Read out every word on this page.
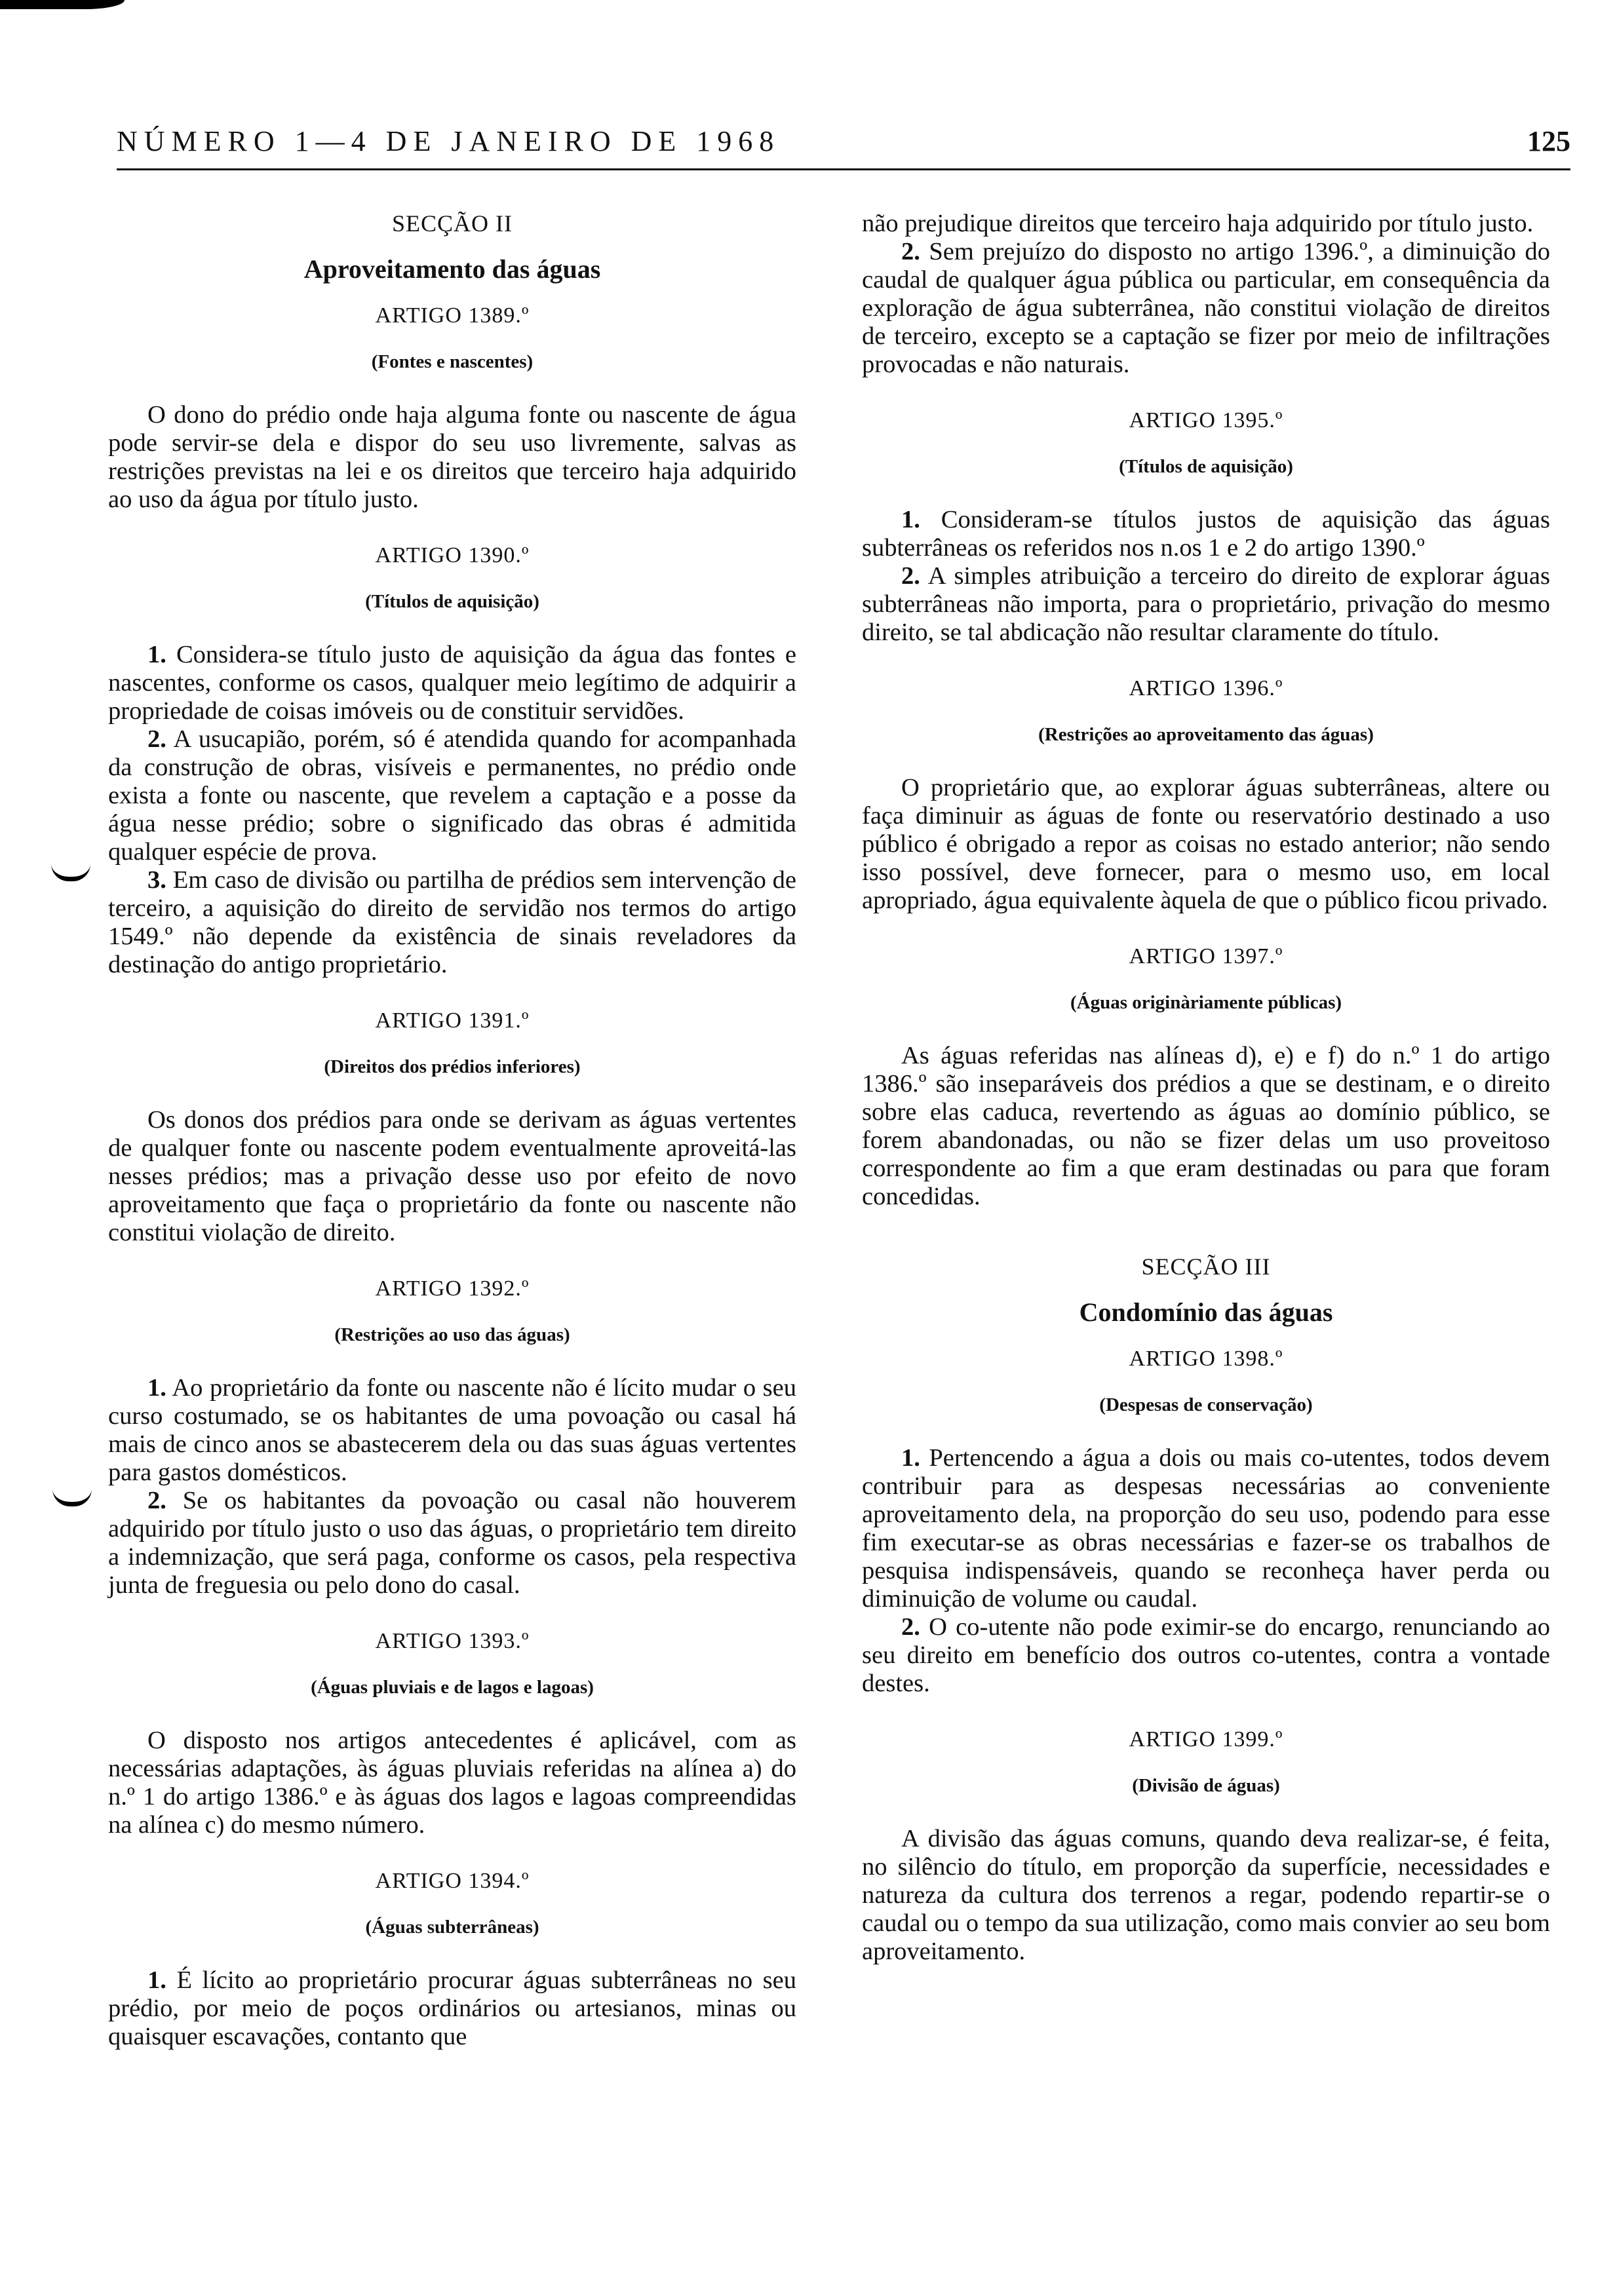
NÚMERO 1—4 DE JANEIRO DE 1968	125
SECÇÃO II
Aproveitamento das águas
ARTIGO 1389.º
(Fontes e nascentes)

O dono do prédio onde haja alguma fonte ou nascente de água pode servir-se dela e dispor do seu uso livremente, salvas as restrições previstas na lei e os direitos que terceiro haja adquirido ao uso da água por título justo.

ARTIGO 1390.º
(Títulos de aquisição)

1. Considera-se título justo de aquisição da água das fontes e nascentes, conforme os casos, qualquer meio legítimo de adquirir a propriedade de coisas imóveis ou de constituir servidões.

2. A usucapião, porém, só é atendida quando for acompanhada da construção de obras, visíveis e permanentes, no prédio onde exista a fonte ou nascente, que revelem a captação e a posse da água nesse prédio; sobre o significado das obras é admitida qualquer espécie de prova.

3. Em caso de divisão ou partilha de prédios sem intervenção de terceiro, a aquisição do direito de servidão nos termos do artigo 1549.º não depende da existência de sinais reveladores da destinação do antigo proprietário.

ARTIGO 1391.º
(Direitos dos prédios inferiores)

Os donos dos prédios para onde se derivam as águas vertentes de qualquer fonte ou nascente podem eventualmente aproveitá-las nesses prédios; mas a privação desse uso por efeito de novo aproveitamento que faça o proprietário da fonte ou nascente não constitui violação de direito.

ARTIGO 1392.º
(Restrições ao uso das águas)

1. Ao proprietário da fonte ou nascente não é lícito mudar o seu curso costumado, se os habitantes de uma povoação ou casal há mais de cinco anos se abastecerem dela ou das suas águas vertentes para gastos domésticos.

2. Se os habitantes da povoação ou casal não houverem adquirido por título justo o uso das águas, o proprietário tem direito a indemnização, que será paga, conforme os casos, pela respectiva junta de freguesia ou pelo dono do casal.

ARTIGO 1393.º
(Águas pluviais e de lagos e lagoas)

O disposto nos artigos antecedentes é aplicável, com as necessárias adaptações, às águas pluviais referidas na alínea a) do n.º 1 do artigo 1386.º e às águas dos lagos e lagoas compreendidas na alínea c) do mesmo número.

ARTIGO 1394.º
(Águas subterrâneas)

1. É lícito ao proprietário procurar águas subterrâneas no seu prédio, por meio de poços ordinários ou artesianos, minas ou quaisquer escavações, contanto que

não prejudique direitos que terceiro haja adquirido por título justo.

2. Sem prejuízo do disposto no artigo 1396.º, a diminuição do caudal de qualquer água pública ou particular, em consequência da exploração de água subterrânea, não constitui violação de direitos de terceiro, excepto se a captação se fizer por meio de infiltrações provocadas e não naturais.

ARTIGO 1395.º
(Títulos de aquisição)

1. Consideram-se títulos justos de aquisição das águas subterrâneas os referidos nos n.os 1 e 2 do artigo 1390.º

2. A simples atribuição a terceiro do direito de explorar águas subterrâneas não importa, para o proprietário, privação do mesmo direito, se tal abdicação não resultar claramente do título.

ARTIGO 1396.º
(Restrições ao aproveitamento das águas)

O proprietário que, ao explorar águas subterrâneas, altere ou faça diminuir as águas de fonte ou reservatório destinado a uso público é obrigado a repor as coisas no estado anterior; não sendo isso possível, deve fornecer, para o mesmo uso, em local apropriado, água equivalente àquela de que o público ficou privado.

ARTIGO 1397.º
(Águas originàriamente públicas)

As águas referidas nas alíneas d), e) e f) do n.º 1 do artigo 1386.º são inseparáveis dos prédios a que se destinam, e o direito sobre elas caduca, revertendo as águas ao domínio público, se forem abandonadas, ou não se fizer delas um uso proveitoso correspondente ao fim a que eram destinadas ou para que foram concedidas.

SECÇÃO III
Condomínio das águas
ARTIGO 1398.º
(Despesas de conservação)

1. Pertencendo a água a dois ou mais co-utentes, todos devem contribuir para as despesas necessárias ao conveniente aproveitamento dela, na proporção do seu uso, podendo para esse fim executar-se as obras necessárias e fazer-se os trabalhos de pesquisa indispensáveis, quando se reconheça haver perda ou diminuição de volume ou caudal.

2. O co-utente não pode eximir-se do encargo, renunciando ao seu direito em benefício dos outros co-utentes, contra a vontade destes.

ARTIGO 1399.º
(Divisão de águas)

A divisão das águas comuns, quando deva realizar-se, é feita, no silêncio do título, em proporção da superfície, necessidades e natureza da cultura dos terrenos a regar, podendo repartir-se o caudal ou o tempo da sua utilização, como mais convier ao seu bom aproveitamento.
